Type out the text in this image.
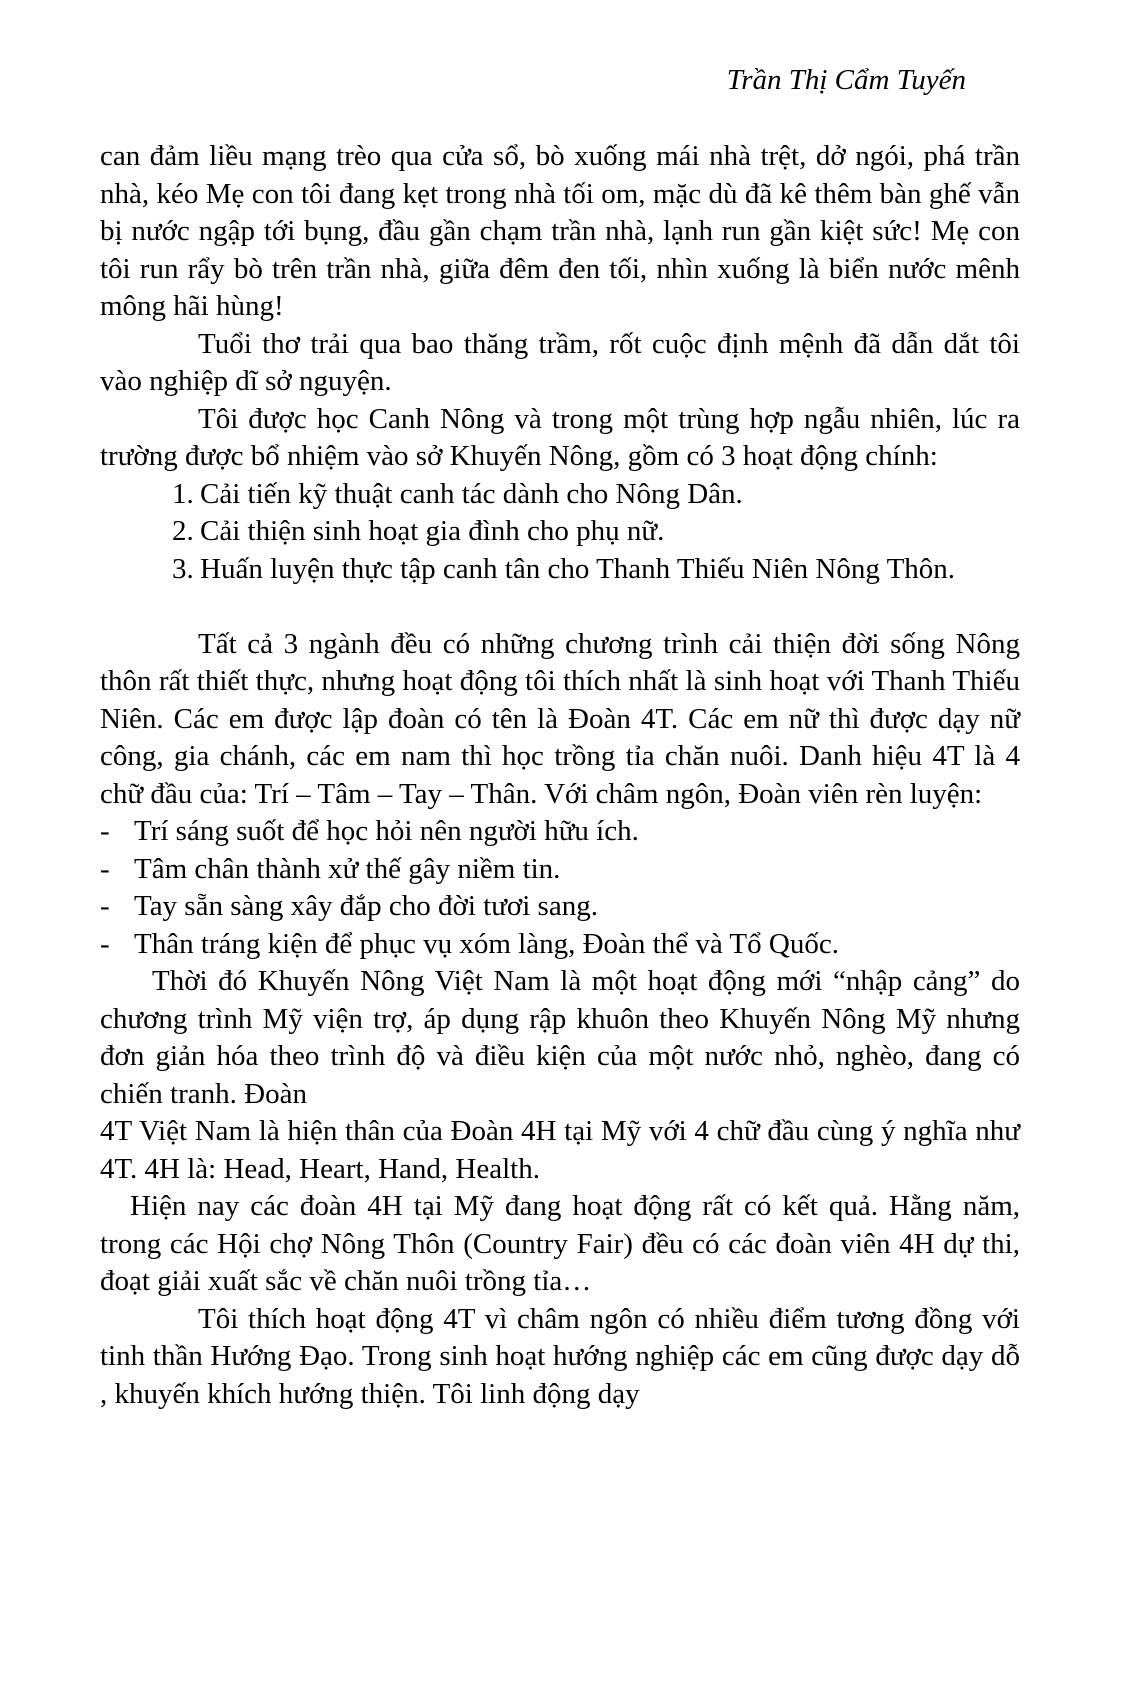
Trần Thị Cẩm Tuyến

can đảm liều mạng trèo qua cửa sổ, bò xuống mái nhà trệt, dở ngói, phá trần nhà, kéo Mẹ con tôi đang kẹt trong nhà tối om, mặc dù đã kê thêm bàn ghế vẫn bị nước ngập tới bụng, đầu gần chạm trần nhà, lạnh run gần kiệt sức! Mẹ con tôi run rẩy bò trên trần nhà, giữa đêm đen tối, nhìn xuống là biển nước mênh mông hãi hùng!

Tuổi thơ trải qua bao thăng trầm, rốt cuộc định mệnh đã dẫn dắt tôi vào nghiệp dĩ sở nguyện.

Tôi được học Canh Nông và trong một trùng hợp ngẫu nhiên, lúc ra trường được bổ nhiệm vào sở Khuyến Nông, gồm có 3 hoạt động chính:

1. Cải tiến kỹ thuật canh tác dành cho Nông Dân.
2. Cải thiện sinh hoạt gia đình cho phụ nữ.
3. Huấn luyện thực tập canh tân cho Thanh Thiếu Niên Nông Thôn.

Tất cả 3 ngành đều có những chương trình cải thiện đời sống Nông thôn rất thiết thực, nhưng hoạt động tôi thích nhất là sinh hoạt với Thanh Thiếu Niên. Các em được lập đoàn có tên là Đoàn 4T. Các em nữ thì được dạy nữ công, gia chánh, các em nam thì học trồng tỉa chăn nuôi. Danh hiệu 4T là 4 chữ đầu của: Trí – Tâm – Tay – Thân. Với châm ngôn, Đoàn viên rèn luyện:

- Trí sáng suốt để học hỏi nên người hữu ích.
- Tâm chân thành xử thế gây niềm tin.
- Tay sẵn sàng xây đắp cho đời tươi sang.
- Thân tráng kiện để phục vụ xóm làng, Đoàn thể và Tổ Quốc.

Thời đó Khuyến Nông Việt Nam là một hoạt động mới “nhập cảng” do chương trình Mỹ viện trợ, áp dụng rập khuôn theo Khuyến Nông Mỹ nhưng đơn giản hóa theo trình độ và điều kiện của một nước nhỏ, nghèo, đang có chiến tranh. Đoàn

4T Việt Nam là hiện thân của Đoàn 4H tại Mỹ với 4 chữ đầu cùng ý nghĩa như 4T. 4H là: Head, Heart, Hand, Health.

Hiện nay các đoàn 4H tại Mỹ đang hoạt động rất có kết quả. Hằng năm, trong các Hội chợ Nông Thôn (Country Fair) đều có các đoàn viên 4H dự thi, đoạt giải xuất sắc về chăn nuôi trồng tỉa…

Tôi thích hoạt động 4T vì châm ngôn có nhiều điểm tương đồng với tinh thần Hướng Đạo. Trong sinh hoạt hướng nghiệp các em cũng được dạy dỗ , khuyến khích hướng thiện. Tôi linh động dạy
